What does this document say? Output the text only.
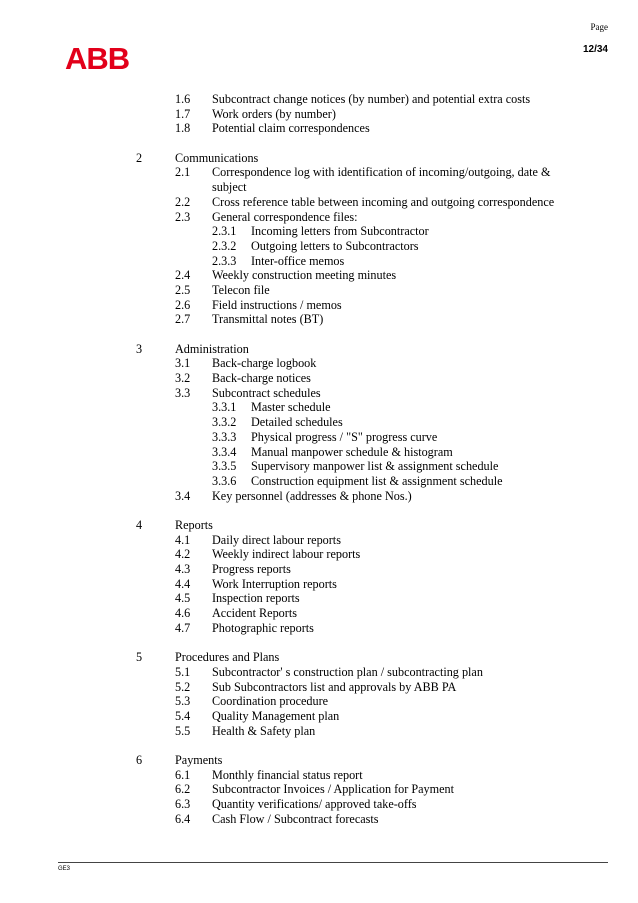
ABB
Page
12/34
1.6 Subcontract change notices (by number) and potential extra costs
1.7 Work orders (by number)
1.8 Potential claim correspondences
2	Communications
2.1 Correspondence log with identification of incoming/outgoing, date & subject
2.2 Cross reference table between incoming and outgoing correspondence
2.3 General correspondence files:
2.3.1 Incoming letters from Subcontractor
2.3.2 Outgoing letters to Subcontractors
2.3.3 Inter-office memos
2.4 Weekly construction meeting minutes
2.5 Telecon file
2.6 Field instructions / memos
2.7 Transmittal notes (BT)
3	Administration
3.1 Back-charge logbook
3.2 Back-charge notices
3.3 Subcontract schedules
3.3.1 Master schedule
3.3.2 Detailed schedules
3.3.3 Physical progress / "S" progress curve
3.3.4 Manual manpower schedule & histogram
3.3.5 Supervisory manpower list & assignment schedule
3.3.6 Construction equipment list & assignment schedule
3.4 Key personnel (addresses & phone Nos.)
4	Reports
4.1 Daily direct labour reports
4.2 Weekly indirect labour reports
4.3 Progress reports
4.4 Work Interruption reports
4.5 Inspection reports
4.6 Accident Reports
4.7 Photographic reports
5	Procedures and Plans
5.1 Subcontractor' s construction plan / subcontracting plan
5.2 Sub Subcontractors list and approvals by ABB PA
5.3 Coordination procedure
5.4 Quality Management plan
5.5 Health & Safety plan
6	Payments
6.1 Monthly financial status report
6.2 Subcontractor Invoices / Application for Payment
6.3 Quantity verifications/ approved take-offs
6.4 Cash Flow / Subcontract forecasts
GE3
